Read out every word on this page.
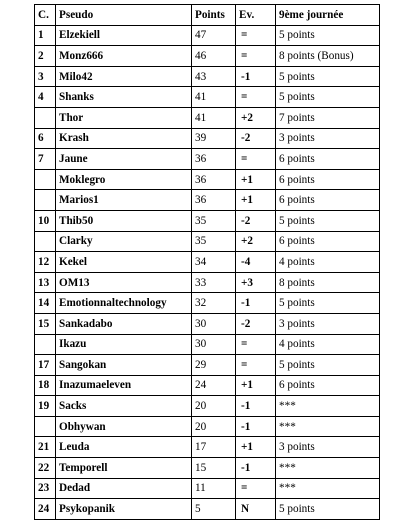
C.	Pseudo	Points	Ev.	9ème journée
1	Elzekiell	47	=	5 points
2	Monz666	46	=	8 points (Bonus)
3	Milo42	43	-1	5 points
4	Shanks	41	=	5 points
	Thor	41	+2	7 points
6	Krash	39	-2	3 points
7	Jaune	36	=	6 points
	Moklegro	36	+1	6 points
	Marios1	36	+1	6 points
10	Thib50	35	-2	5 points
	Clarky	35	+2	6 points
12	Kekel	34	-4	4 points
13	OM13	33	+3	8 points
14	Emotionnaltechnology	32	-1	5 points
15	Sankadabo	30	-2	3 points
	Ikazu	30	=	4 points
17	Sangokan	29	=	5 points
18	Inazumaeleven	24	+1	6 points
19	Sacks	20	-1	***
	Obhywan	20	-1	***
21	Leuda	17	+1	3 points
22	Temporell	15	-1	***
23	Dedad	11	=	***
24	Psykopanik	5	N	5 points
